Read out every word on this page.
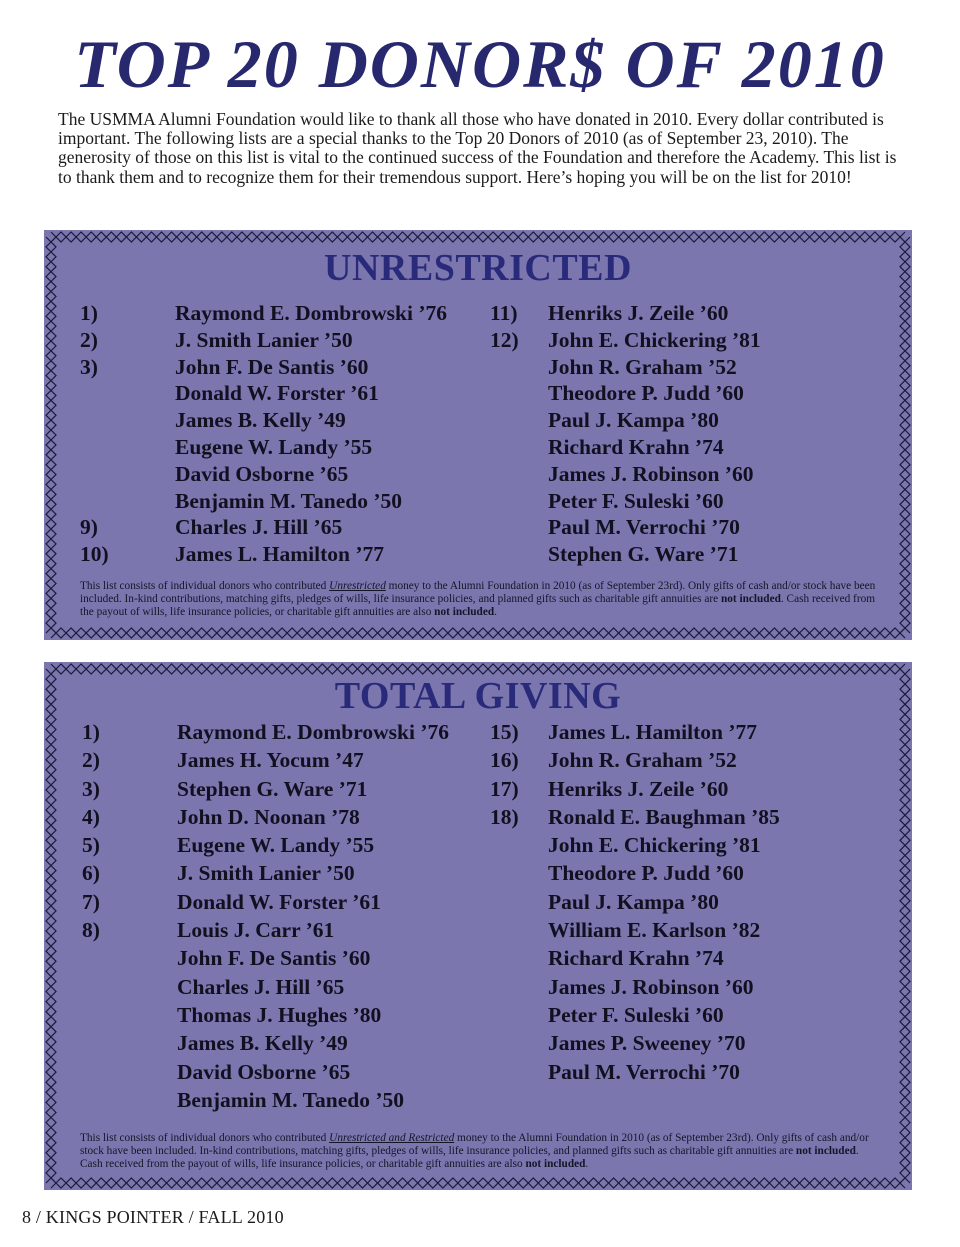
TOP 20 DONOR$ OF 2010
The USMMA Alumni Foundation would like to thank all those who have donated in 2010. Every dollar contributed is important. The following lists are a special thanks to the Top 20 Donors of 2010 (as of September 23, 2010). The generosity of those on this list is vital to the continued success of the Foundation and therefore the Academy. This list is to thank them and to recognize them for their tremendous support. Here’s hoping you will be on the list for 2010!
UNRESTRICTED
1)	Raymond E. Dombrowski ’76
2)	J. Smith Lanier ’50
3)	John F. De Santis ’60
Donald W. Forster ’61
James B. Kelly ’49
Eugene W. Landy ’55
David Osborne ’65
Benjamin M. Tanedo ’50
9)	Charles J. Hill ’65
10)	James L. Hamilton ’77
11) Henriks J. Zeile ’60
12) John E. Chickering ’81
John R. Graham ’52
Theodore P. Judd ’60
Paul J. Kampa ’80
Richard Krahn ’74
James J. Robinson ’60
Peter F. Suleski ’60
Paul M. Verrochi ’70
Stephen G. Ware ’71
This list consists of individual donors who contributed Unrestricted money to the Alumni Foundation in 2010 (as of September 23rd). Only gifts of cash and/or stock have been included. In-kind contributions, matching gifts, pledges of wills, life insurance policies, and planned gifts such as charitable gift annuities are not included. Cash received from the payout of wills, life insurance policies, or charitable gift annuities are also not included.
TOTAL GIVING
1)	Raymond E. Dombrowski ’76
2)	James H. Yocum ’47
3)	Stephen G. Ware ’71
4)	John D. Noonan ’78
5)	Eugene W. Landy ’55
6)	J. Smith Lanier ’50
7)	Donald W. Forster ’61
8)	Louis J. Carr ’61
John F. De Santis ’60
Charles J. Hill ’65
Thomas J. Hughes ’80
James B. Kelly ’49
David Osborne ’65
Benjamin M. Tanedo ’50
15) James L. Hamilton ’77
16) John R. Graham ’52
17) Henriks J. Zeile ’60
18) Ronald E. Baughman ’85
John E. Chickering ’81
Theodore P. Judd ’60
Paul J. Kampa ’80
William E. Karlson ’82
Richard Krahn ’74
James J. Robinson ’60
Peter F. Suleski ’60
James P. Sweeney ’70
Paul M. Verrochi ’70
This list consists of individual donors who contributed Unrestricted and Restricted money to the Alumni Foundation in 2010 (as of September 23rd). Only gifts of cash and/or stock have been included. In-kind contributions, matching gifts, pledges of wills, life insurance policies, and planned gifts such as charitable gift annuities are not included. Cash received from the payout of wills, life insurance policies, or charitable gift annuities are also not included.
8 / KINGS POINTER / FALL 2010
